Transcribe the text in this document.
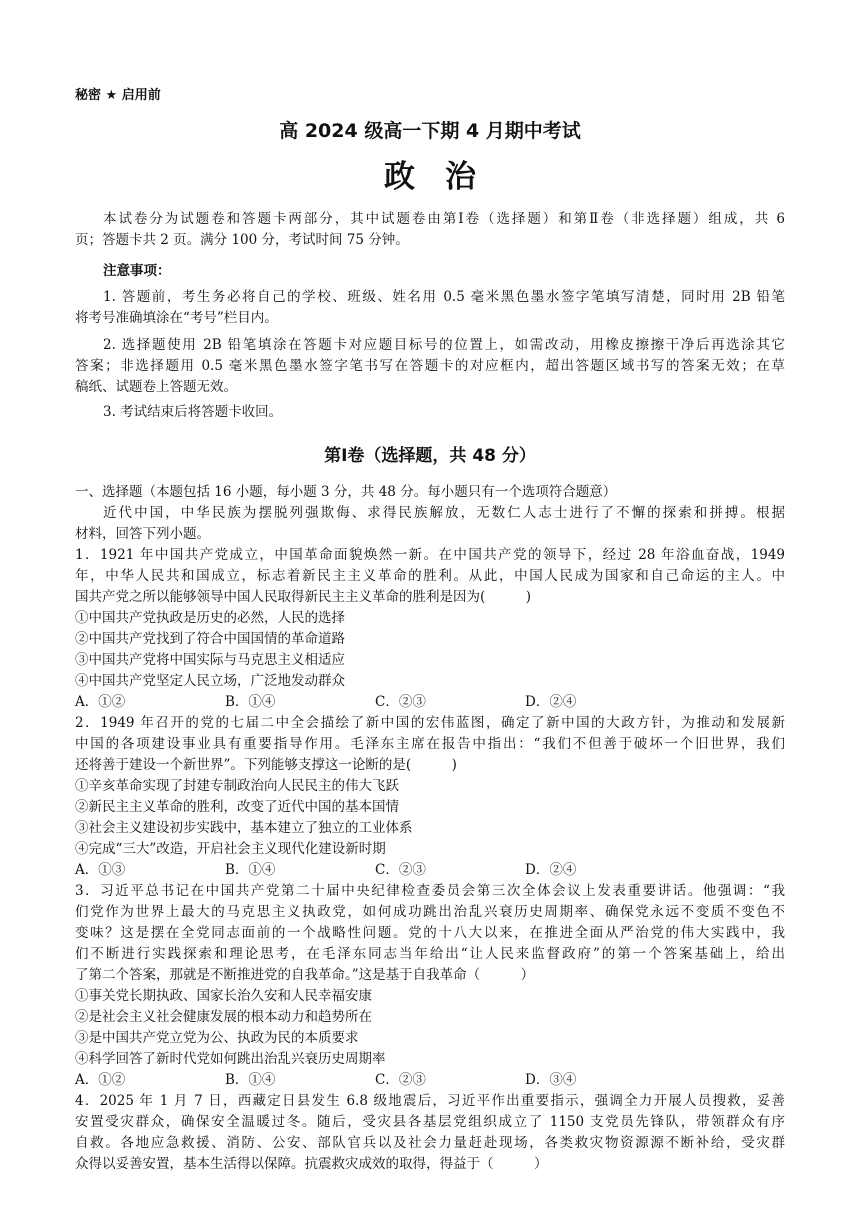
秘密 ★ 启用前
高 2024 级高一下期 4 月期中考试
政治
本试卷分为试题卷和答题卡两部分，其中试题卷由第Ⅰ卷（选择题）和第Ⅱ卷（非选择题）组成，共 6
页；答题卡共 2 页。满分 100 分，考试时间 75 分钟。
注意事项：
1. 答题前，考生务必将自己的学校、班级、姓名用 0.5 毫米黑色墨水签字笔填写清楚，同时用 2B 铅笔
将考号准确填涂在“考号”栏目内。
2. 选择题使用 2B 铅笔填涂在答题卡对应题目标号的位置上，如需改动，用橡皮擦擦干净后再选涂其它
答案；非选择题用 0.5 毫米黑色墨水签字笔书写在答题卡的对应框内，超出答题区域书写的答案无效；在草
稿纸、试题卷上答题无效。
3. 考试结束后将答题卡收回。
第Ⅰ卷（选择题，共 48 分）
一、选择题（本题包括 16 小题，每小题 3 分，共 48 分。每小题只有一个选项符合题意）
近代中国，中华民族为摆脱列强欺侮、求得民族解放，无数仁人志士进行了不懈的探索和拼搏。根据
材料，回答下列小题。
1．1921 年中国共产党成立，中国革命面貌焕然一新。在中国共产党的领导下，经过 28 年浴血奋战，1949
年，中华人民共和国成立，标志着新民主主义革命的胜利。从此，中国人民成为国家和自己命运的主人。中
国共产党之所以能够领导中国人民取得新民主主义革命的胜利是因为(　　　)
①中国共产党执政是历史的必然，人民的选择
②中国共产党找到了符合中国国情的革命道路
③中国共产党将中国实际与马克思主义相适应
④中国共产党坚定人民立场，广泛地发动群众
A．①②	B．①④	C．②③	D．②④
2．1949 年召开的党的七届二中全会描绘了新中国的宏伟蓝图，确定了新中国的大政方针，为推动和发展新
中国的各项建设事业具有重要指导作用。毛泽东主席在报告中指出：“我们不但善于破坏一个旧世界，我们
还将善于建设一个新世界”。下列能够支撑这一论断的是(　　　)
①辛亥革命实现了封建专制政治向人民民主的伟大飞跃
②新民主主义革命的胜利，改变了近代中国的基本国情
③社会主义建设初步实践中，基本建立了独立的工业体系
④完成“三大”改造，开启社会主义现代化建设新时期
A．①③	B．①④	C．②③	D．②④
3．习近平总书记在中国共产党第二十届中央纪律检查委员会第三次全体会议上发表重要讲话。他强调：“我
们党作为世界上最大的马克思主义执政党，如何成功跳出治乱兴衰历史周期率、确保党永远不变质不变色不
变味？这是摆在全党同志面前的一个战略性问题。党的十八大以来，在推进全面从严治党的伟大实践中，我
们不断进行实践探索和理论思考，在毛泽东同志当年给出“让人民来监督政府”的第一个答案基础上，给出
了第二个答案，那就是不断推进党的自我革命。”这是基于自我革命（　　　）
①事关党长期执政、国家长治久安和人民幸福安康
②是社会主义社会健康发展的根本动力和趋势所在
③是中国共产党立党为公、执政为民的本质要求
④科学回答了新时代党如何跳出治乱兴衰历史周期率
A．①②	B．①④	C．②③	D．③④
4．2025 年 1 月 7 日，西藏定日县发生 6.8 级地震后，习近平作出重要指示，强调全力开展人员搜救，妥善
安置受灾群众，确保安全温暖过冬。随后，受灾县各基层党组织成立了 1150 支党员先锋队，带领群众有序
自救。各地应急救援、消防、公安、部队官兵以及社会力量赶赴现场，各类救灾物资源源不断补给，受灾群
众得以妥善安置，基本生活得以保障。抗震救灾成效的取得，得益于（　　　）
